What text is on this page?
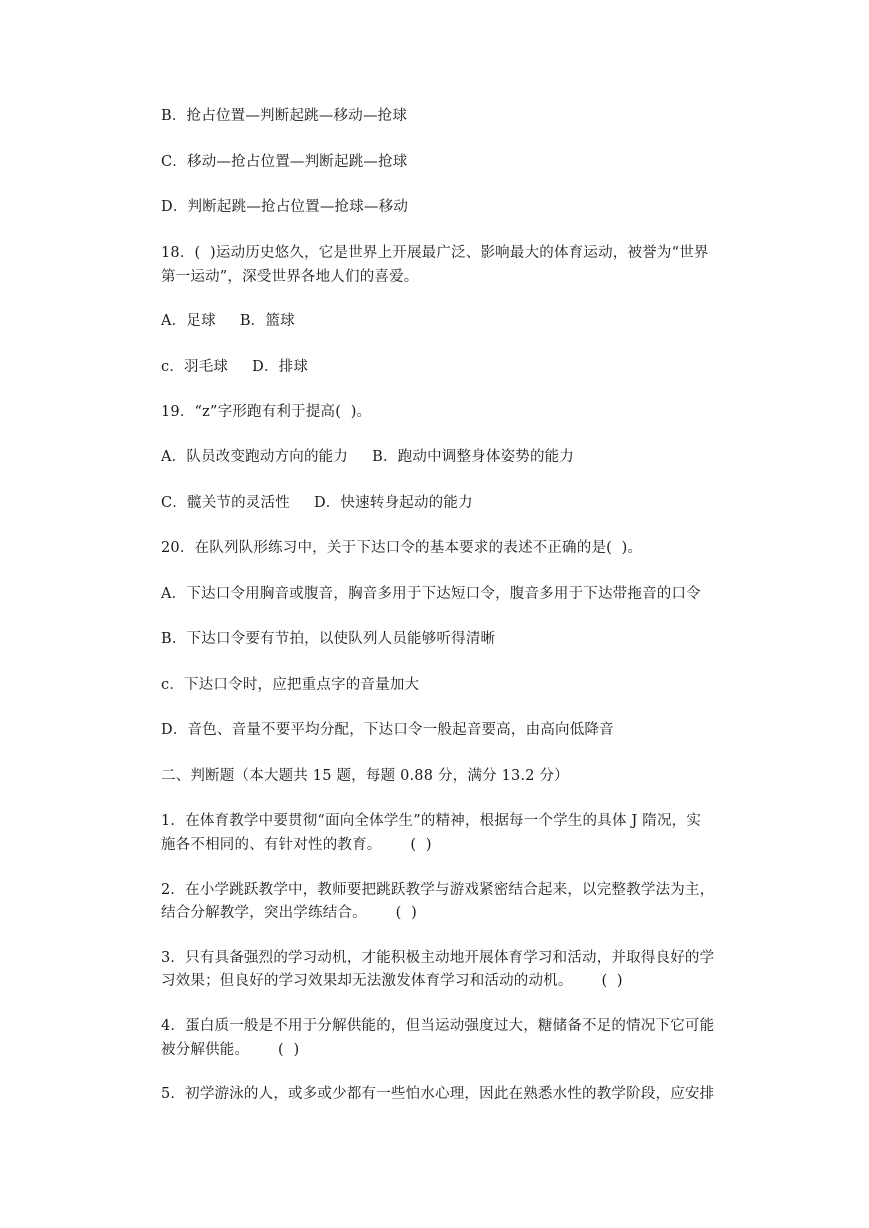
B．抢占位置—判断起跳—移动—抢球

C．移动—抢占位置—判断起跳—抢球

D．判断起跳—抢占位置—抢球—移动

18．(  )运动历史悠久，它是世界上开展最广泛、影响最大的体育运动，被誉为“世界

第一运动”，深受世界各地人们的喜爱。

A．足球     B．篮球

c．羽毛球     D．排球

19．“z”字形跑有利于提高(  )。

A．队员改变跑动方向的能力     B．跑动中调整身体姿势的能力

C．髋关节的灵活性     D．快速转身起动的能力

20．在队列队形练习中，关于下达口令的基本要求的表述不正确的是(  )。

A．下达口令用胸音或腹音，胸音多用于下达短口令，腹音多用于下达带拖音的口令

B．下达口令要有节拍，以使队列人员能够听得清晰

c．下达口令时，应把重点字的音量加大

D．音色、音量不要平均分配，下达口令一般起音要高，由高向低降音

二、判断题（本大题共 15 题，每题 0.88 分，满分 13.2 分）

1．在体育教学中要贯彻“面向全体学生”的精神，根据每一个学生的具体 J 隋况，实

施各不相同的、有针对性的教育。      (  )

2．在小学跳跃教学中，教师要把跳跃教学与游戏紧密结合起来，以完整教学法为主，

结合分解教学，突出学练结合。      (  )

3．只有具备强烈的学习动机，才能积极主动地开展体育学习和活动，并取得良好的学

习效果；但良好的学习效果却无法激发体育学习和活动的动机。      (  )

4．蛋白质一般是不用于分解供能的，但当运动强度过大，糖储备不足的情况下它可能

被分解供能。      (  )

5．初学游泳的人，或多或少都有一些怕水心理，因此在熟悉水性的教学阶段，应安排
